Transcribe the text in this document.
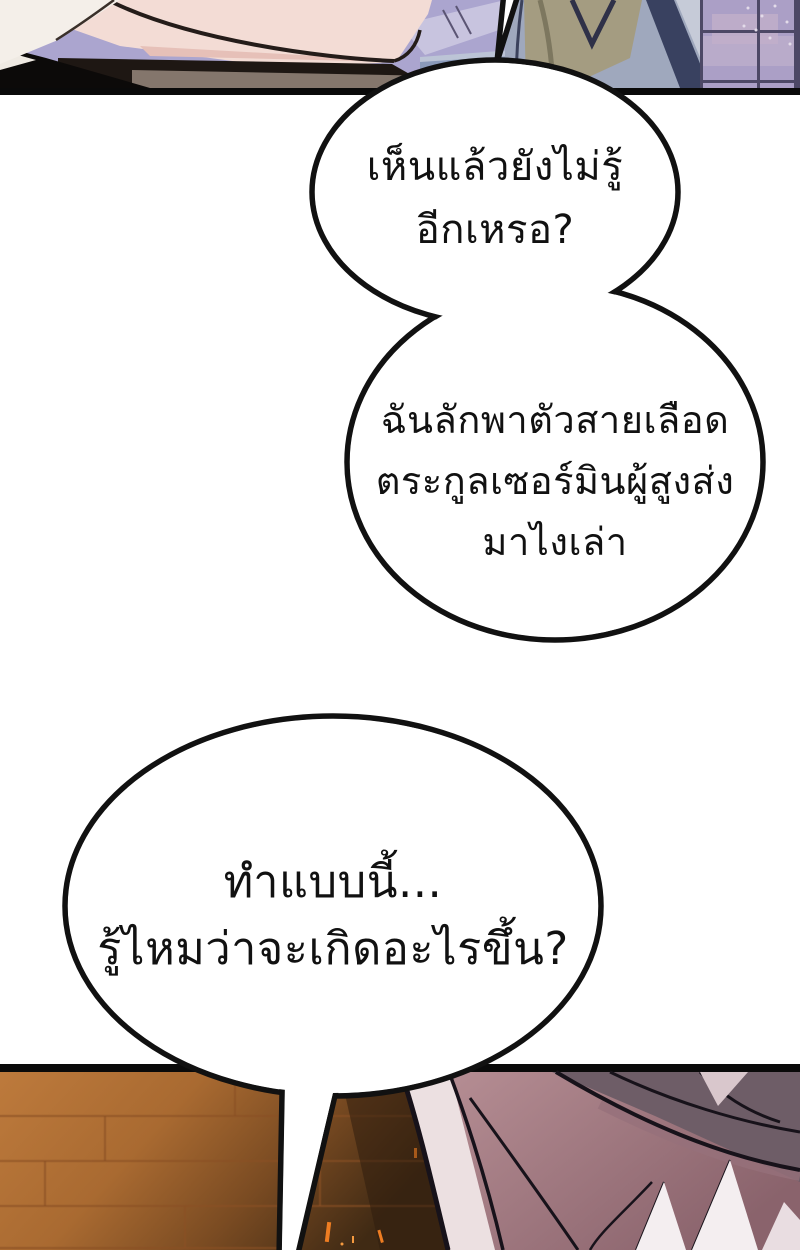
เห็นแล้วยังไม่รู้
อีกเหรอ?
ฉันลักพาตัวสายเลือด
ตระกูลเซอร์มินผู้สูงส่ง
มาไงเล่า
ทำแบบนี้...
รู้ไหมว่าจะเกิดอะไรขึ้น?
